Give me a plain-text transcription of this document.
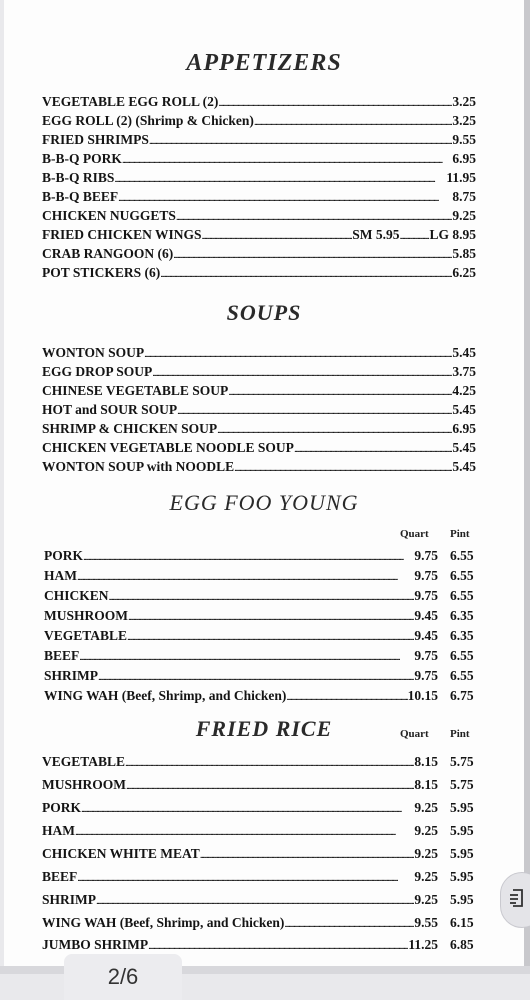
APPETIZERS
VEGETABLE EGG ROLL (2) .....	3.25
EGG ROLL (2) (Shrimp & Chicken) .....	3.25
FRIED SHRIMPS .....	9.55
B-B-Q PORK .....	6.95
B-B-Q RIBS .....	11.95
B-B-Q BEEF .....	8.75
CHICKEN NUGGETS .....	9.25
FRIED CHICKEN WINGS .....	SM 5.95 ..... LG 8.95
CRAB RANGOON (6) .....	5.85
POT STICKERS (6) .....	6.25
SOUPS
WONTON SOUP .....	5.45
EGG DROP SOUP .....	3.75
CHINESE VEGETABLE SOUP .....	4.25
HOT and SOUR SOUP .....	5.45
SHRIMP & CHICKEN SOUP .....	6.95
CHICKEN VEGETABLE NOODLE SOUP .....	5.45
WONTON SOUP with NOODLE .....	5.45
EGG FOO YOUNG
Quart Pint
PORK .....	9.75 6.55
HAM .....	9.75 6.55
CHICKEN .....	9.75 6.55
MUSHROOM .....	9.45 6.35
VEGETABLE .....	9.45 6.35
BEEF .....	9.75 6.55
SHRIMP .....	9.75 6.55
WING WAH (Beef, Shrimp, and Chicken) .....	10.15 6.75
FRIED RICE	Quart Pint
VEGETABLE .....	8.15 5.75
MUSHROOM .....	8.15 5.75
PORK .....	9.25 5.95
HAM .....	9.25 5.95
CHICKEN WHITE MEAT .....	9.25 5.95
BEEF .....	9.25 5.95
SHRIMP .....	9.25 5.95
WING WAH (Beef, Shrimp, and Chicken) .....	9.55 6.15
JUMBO SHRIMP .....	11.25 6.85
2/6
